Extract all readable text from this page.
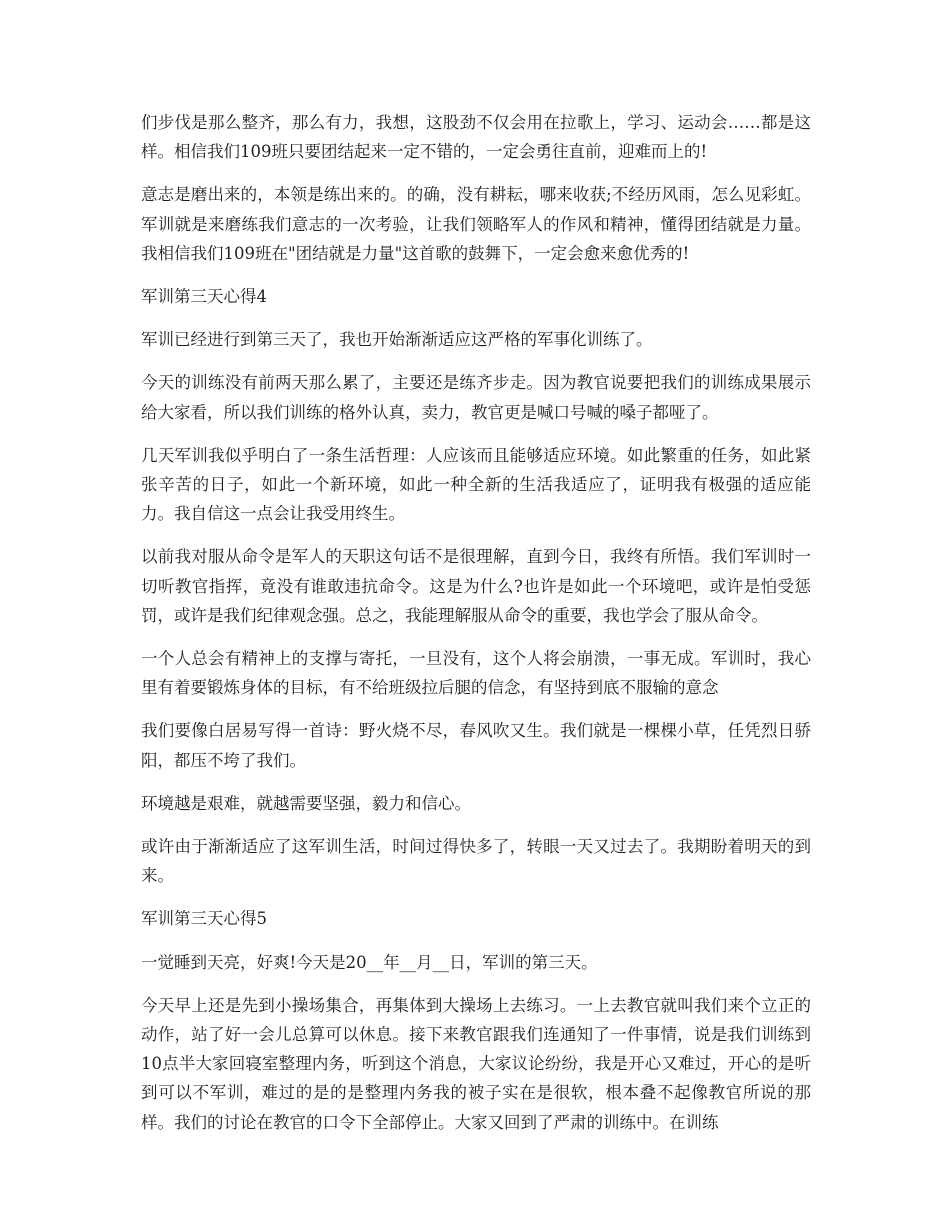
们步伐是那么整齐，那么有力，我想，这股劲不仅会用在拉歌上，学习、运动会……都是这样。相信我们109班只要团结起来一定不错的，一定会勇往直前，迎难而上的!

意志是磨出来的，本领是练出来的。的确，没有耕耘，哪来收获;不经历风雨，怎么见彩虹。军训就是来磨练我们意志的一次考验，让我们领略军人的作风和精神，懂得团结就是力量。我相信我们109班在"团结就是力量"这首歌的鼓舞下，一定会愈来愈优秀的!

军训第三天心得4

军训已经进行到第三天了，我也开始渐渐适应这严格的军事化训练了。

今天的训练没有前两天那么累了，主要还是练齐步走。因为教官说要把我们的训练成果展示给大家看，所以我们训练的格外认真，卖力，教官更是喊口号喊的嗓子都哑了。

几天军训我似乎明白了一条生活哲理：人应该而且能够适应环境。如此繁重的任务，如此紧张辛苦的日子，如此一个新环境，如此一种全新的生活我适应了，证明我有极强的适应能力。我自信这一点会让我受用终生。

以前我对服从命令是军人的天职这句话不是很理解，直到今日，我终有所悟。我们军训时一切听教官指挥，竟没有谁敢违抗命令。这是为什么?也许是如此一个环境吧，或许是怕受惩罚，或许是我们纪律观念强。总之，我能理解服从命令的重要，我也学会了服从命令。

一个人总会有精神上的支撑与寄托，一旦没有，这个人将会崩溃，一事无成。军训时，我心里有着要锻炼身体的目标，有不给班级拉后腿的信念，有坚持到底不服输的意念

我们要像白居易写得一首诗：野火烧不尽，春风吹又生。我们就是一棵棵小草，任凭烈日骄阳，都压不垮了我们。

环境越是艰难，就越需要坚强，毅力和信心。

或许由于渐渐适应了这军训生活，时间过得快多了，转眼一天又过去了。我期盼着明天的到来。

军训第三天心得5

一觉睡到天亮，好爽!今天是20__年__月__日，军训的第三天。

今天早上还是先到小操场集合，再集体到大操场上去练习。一上去教官就叫我们来个立正的动作，站了好一会儿总算可以休息。接下来教官跟我们连通知了一件事情，说是我们训练到10点半大家回寝室整理内务，听到这个消息，大家议论纷纷，我是开心又难过，开心的是听到可以不军训，难过的是的是整理内务我的被子实在是很软，根本叠不起像教官所说的那样。我们的讨论在教官的口令下全部停止。大家又回到了严肃的训练中。在训练
